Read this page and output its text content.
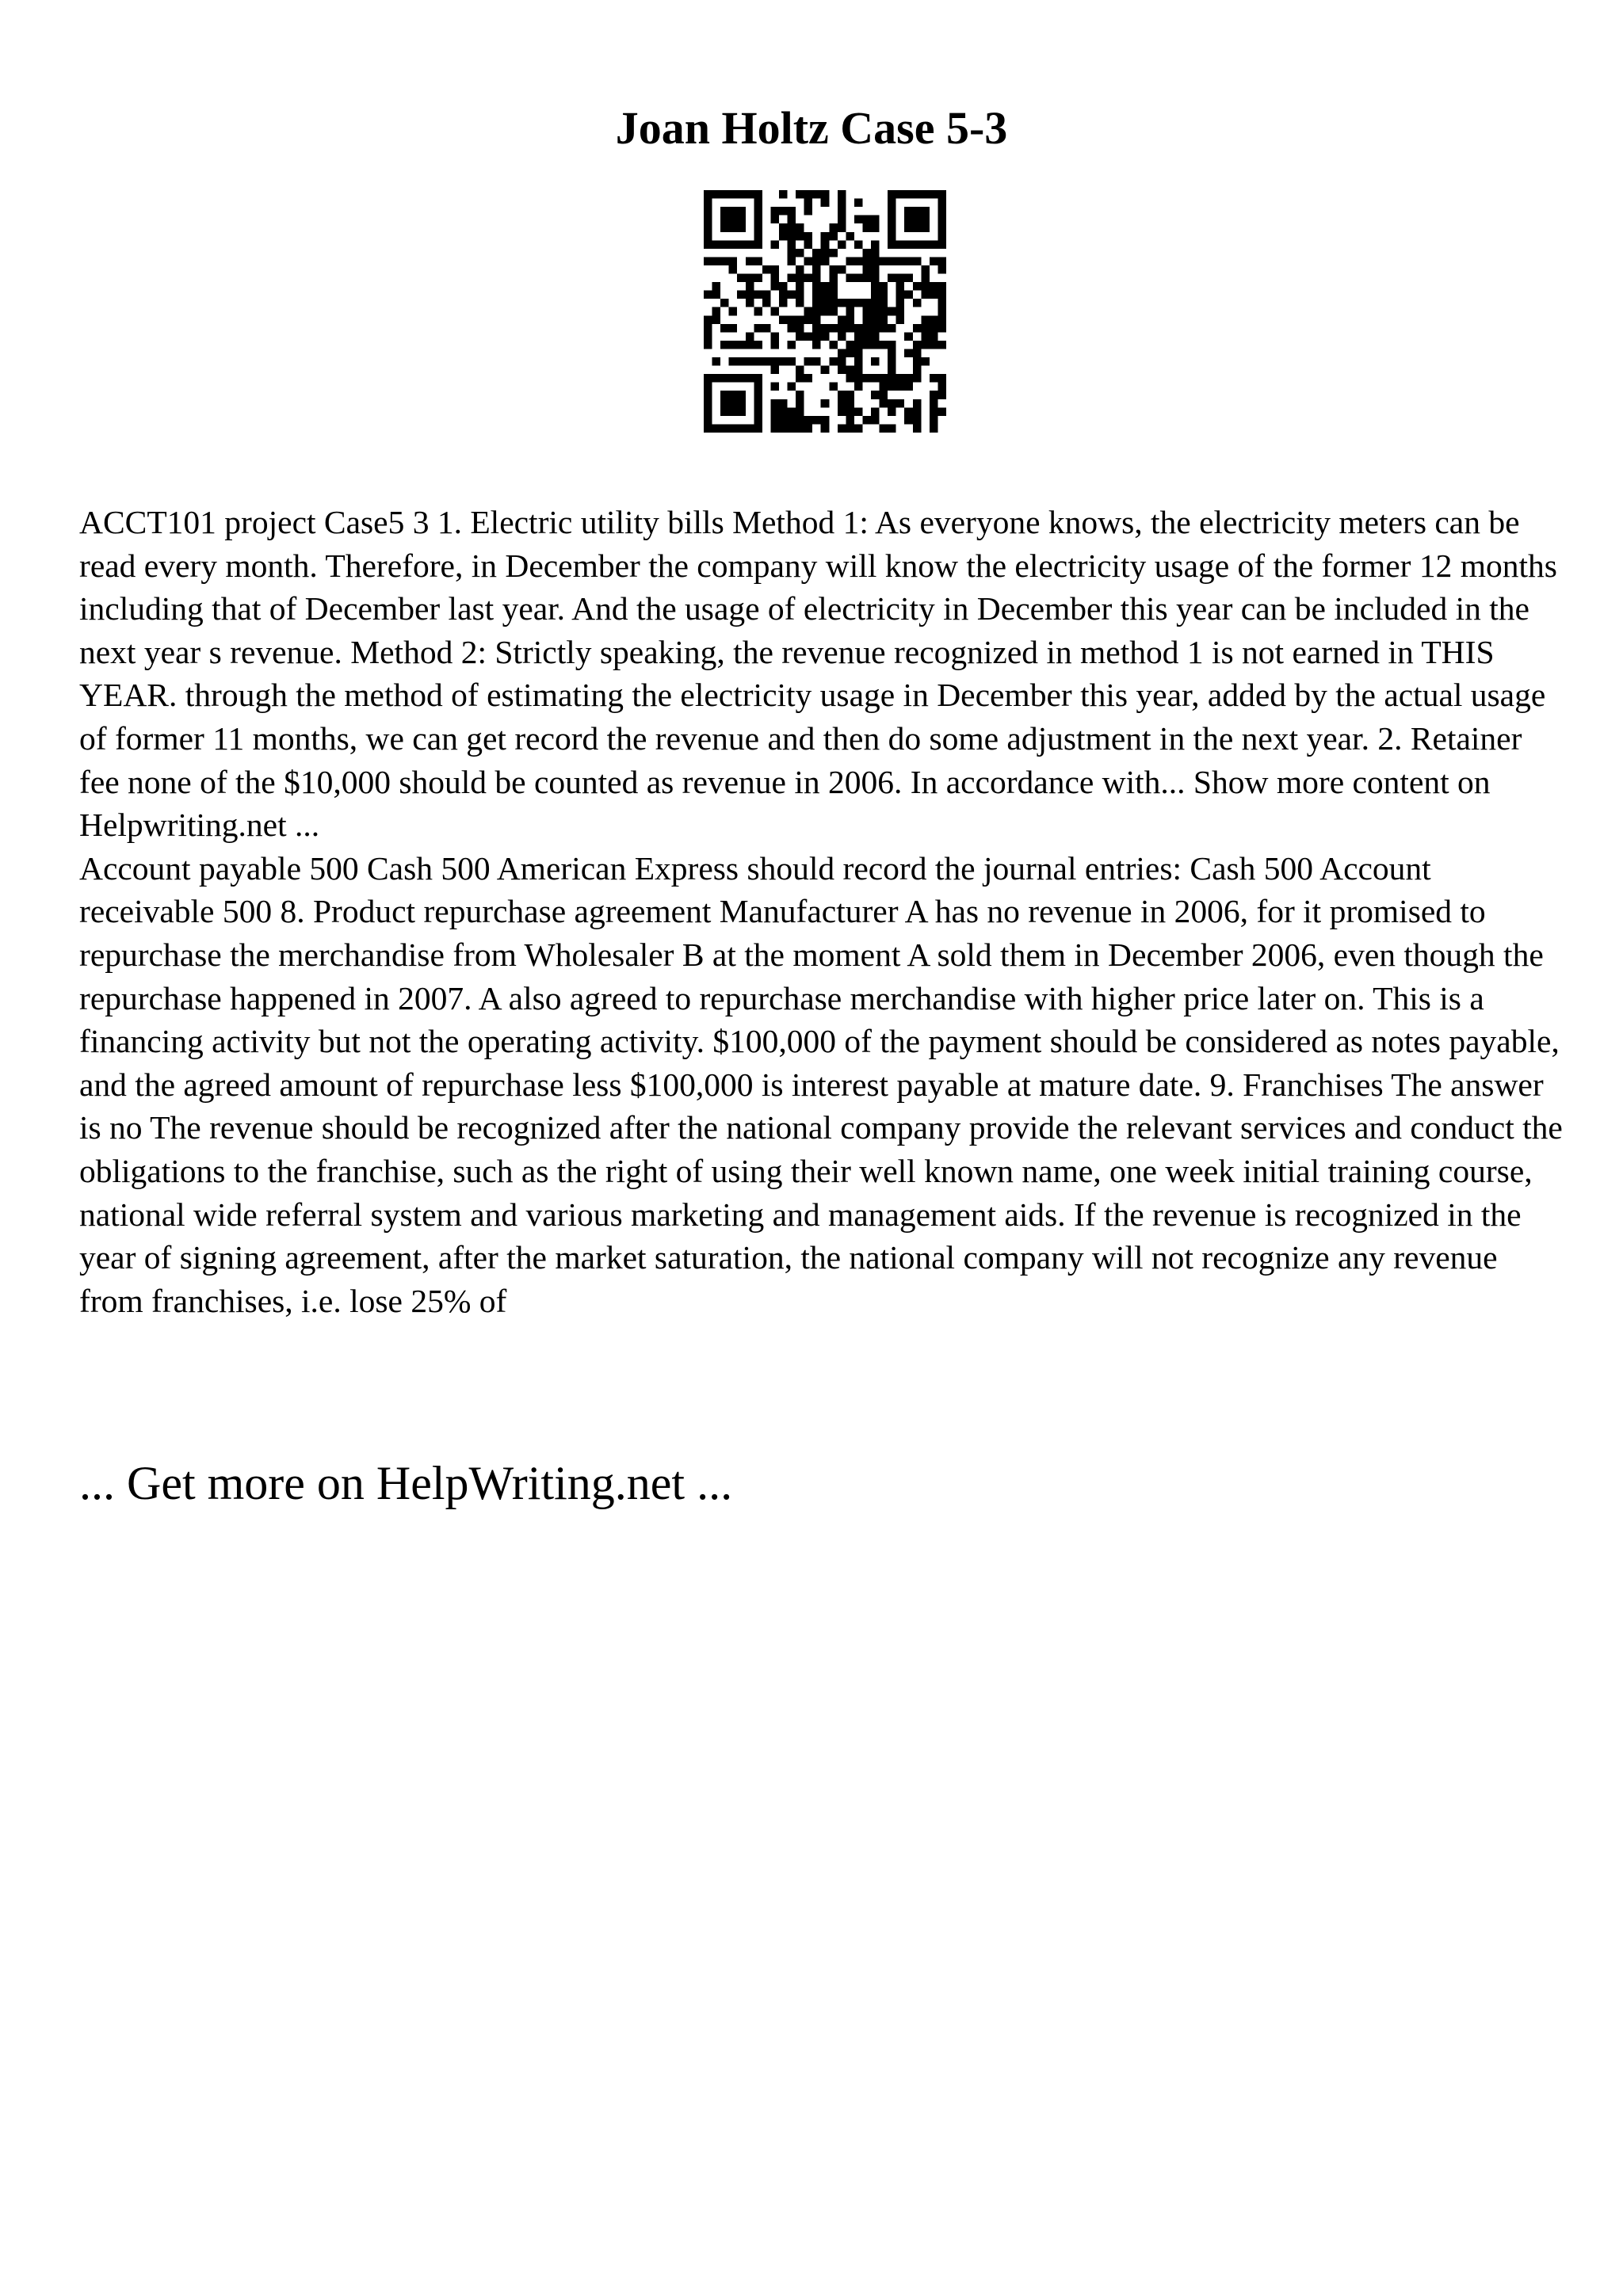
Joan Holtz Case 5-3

ACCT101 project Case5 3 1. Electric utility bills Method 1: As everyone knows, the electricity meters can be read every month. Therefore, in December the company will know the electricity usage of the former 12 months including that of December last year. And the usage of electricity in December this year can be included in the next year s revenue. Method 2: Strictly speaking, the revenue recognized in method 1 is not earned in THIS YEAR. through the method of estimating the electricity usage in December this year, added by the actual usage of former 11 months, we can get record the revenue and then do some adjustment in the next year. 2. Retainer fee none of the $10,000 should be counted as revenue in 2006. In accordance with... Show more content on Helpwriting.net ...

Account payable 500 Cash 500 American Express should record the journal entries: Cash 500 Account receivable 500 8. Product repurchase agreement Manufacturer A has no revenue in 2006, for it promised to repurchase the merchandise from Wholesaler B at the moment A sold them in December 2006, even though the repurchase happened in 2007. A also agreed to repurchase merchandise with higher price later on. This is a financing activity but not the operating activity. $100,000 of the payment should be considered as notes payable, and the agreed amount of repurchase less $100,000 is interest payable at mature date. 9. Franchises The answer is no The revenue should be recognized after the national company provide the relevant services and conduct the obligations to the franchise, such as the right of using their well known name, one week initial training course, national wide referral system and various marketing and management aids. If the revenue is recognized in the year of signing agreement, after the market saturation, the national company will not recognize any revenue from franchises, i.e. lose 25% of

... Get more on HelpWriting.net ...
